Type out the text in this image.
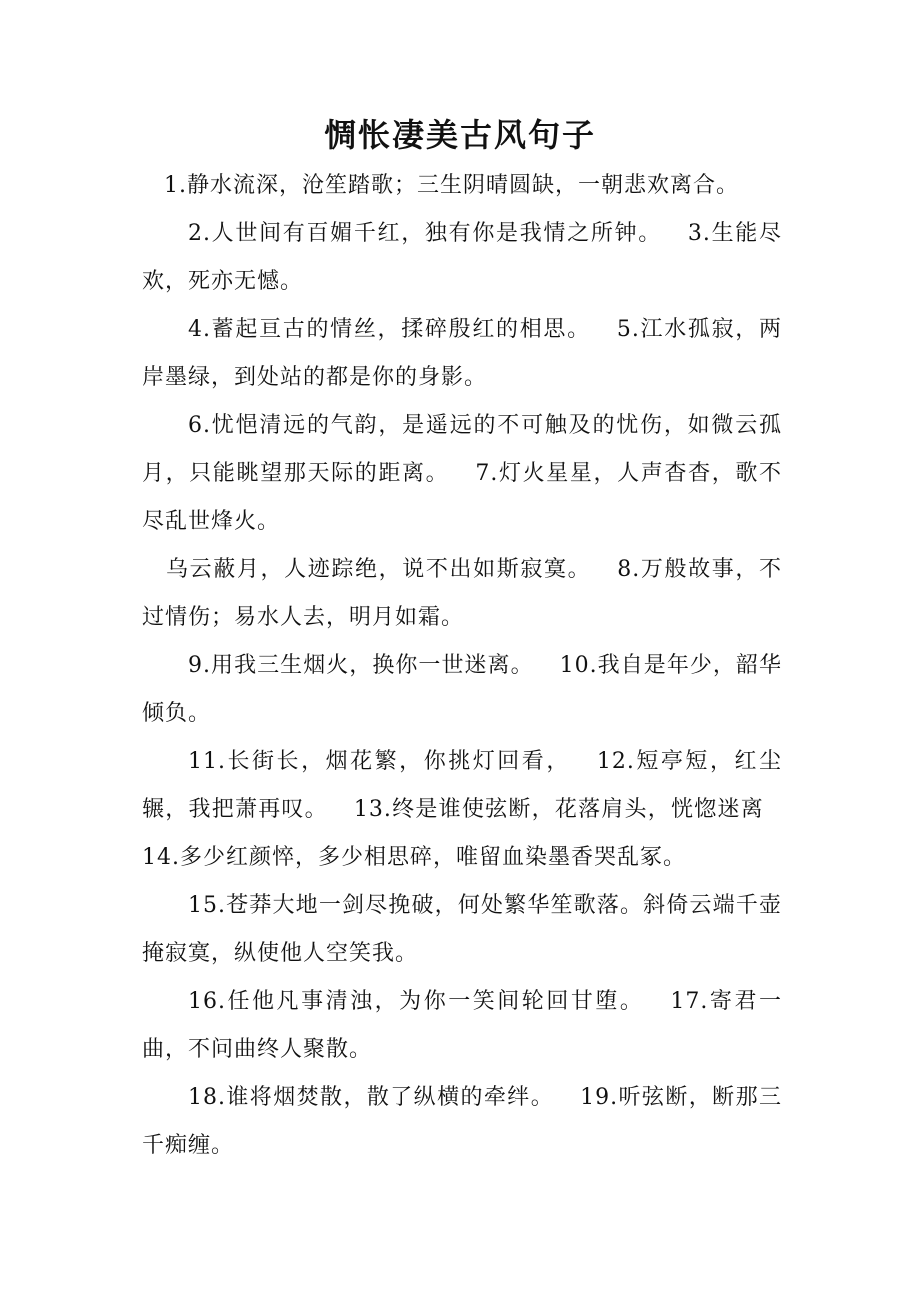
惆怅凄美古风句子

1.静水流深，沧笙踏歌；三生阴晴圆缺，一朝悲欢离合。

2.人世间有百媚千红，独有你是我情之所钟。 3.生能尽欢，死亦无憾。

4.蓄起亘古的情丝，揉碎殷红的相思。 5.江水孤寂，两岸墨绿，到处站的都是你的身影。

6.忧悒清远的气韵，是遥远的不可触及的忧伤，如微云孤月，只能眺望那天际的距离。 7.灯火星星，人声杳杳，歌不尽乱世烽火。

乌云蔽月，人迹踪绝，说不出如斯寂寞。 8.万般故事，不过情伤；易水人去，明月如霜。

9.用我三生烟火，换你一世迷离。 10.我自是年少，韶华倾负。

11.长街长，烟花繁，你挑灯回看， 12.短亭短，红尘辗，我把萧再叹。 13.终是谁使弦断，花落肩头，恍惚迷离14.多少红颜悴，多少相思碎，唯留血染墨香哭乱冢。

15.苍莽大地一剑尽挽破，何处繁华笙歌落。斜倚云端千壶掩寂寞，纵使他人空笑我。

16.任他凡事清浊，为你一笑间轮回甘堕。 17.寄君一曲，不问曲终人聚散。

18.谁将烟焚散，散了纵横的牵绊。 19.听弦断，断那三千痴缠。
